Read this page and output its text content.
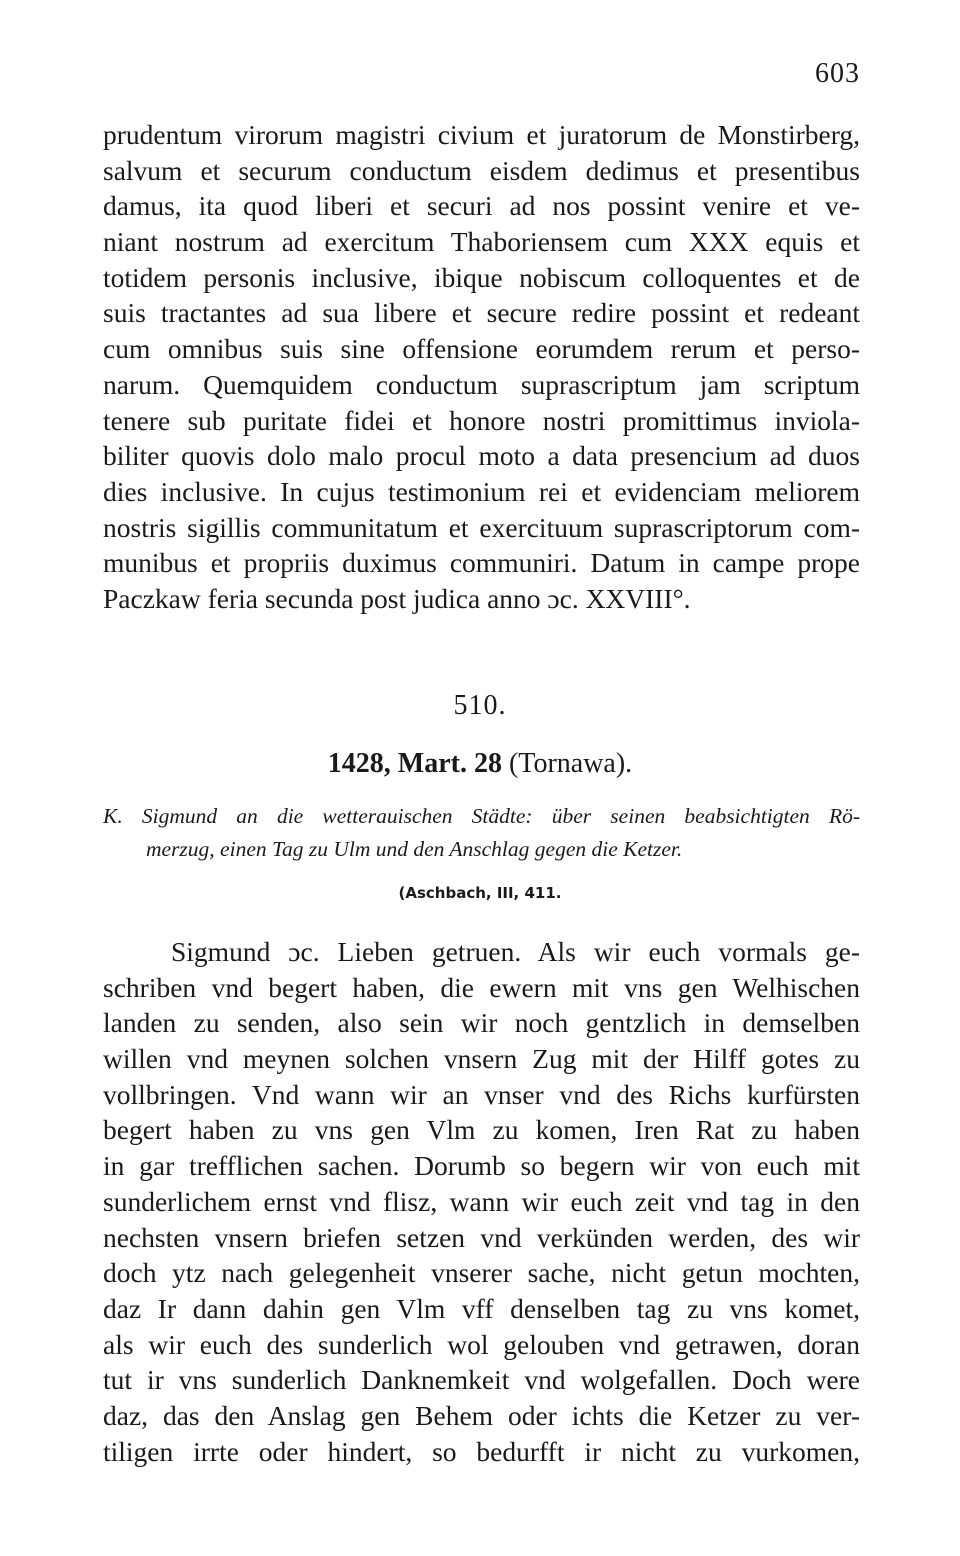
603
prudentum virorum magistri civium et juratorum de Monstirberg,
salvum et securum conductum eisdem dedimus et presentibus
damus, ita quod liberi et securi ad nos possint venire et ve-
niant nostrum ad exercitum Thaboriensem cum XXX equis et
totidem personis inclusive, ibique nobiscum colloquentes et de
suis tractantes ad sua libere et secure redire possint et redeant
cum omnibus suis sine offensione eorumdem rerum et perso-
narum. Quemquidem conductum suprascriptum jam scriptum
tenere sub puritate fidei et honore nostri promittimus inviola-
biliter quovis dolo malo procul moto a data presencium ad duos
dies inclusive. In cujus testimonium rei et evidenciam meliorem
nostris sigillis communitatum et exercituum suprascriptorum com-
munibus et propriis duximus communiri. Datum in campe prope
Paczkaw feria secunda post judica anno ɔc. XXVIII°.
510.
1428, Mart. 28 (Tornawa).
K. Sigmund an die wetterauischen Städte: über seinen beabsichtigten Rö-
merzug, einen Tag zu Ulm und den Anschlag gegen die Ketzer.
(Aschbach, III, 411.
Sigmund ɔc. Lieben getruen. Als wir euch vormals ge-
schriben vnd begert haben, die ewern mit vns gen Welhischen
landen zu senden, also sein wir noch gentzlich in demselben
willen vnd meynen solchen vnsern Zug mit der Hilff gotes zu
vollbringen. Vnd wann wir an vnser vnd des Richs kurfürsten
begert haben zu vns gen Vlm zu komen, Iren Rat zu haben
in gar trefflichen sachen. Dorumb so begern wir von euch mit
sunderlichem ernst vnd flisz, wann wir euch zeit vnd tag in den
nechsten vnsern briefen setzen vnd verkünden werden, des wir
doch ytz nach gelegenheit vnserer sache, nicht getun mochten,
daz Ir dann dahin gen Vlm vff denselben tag zu vns komet,
als wir euch des sunderlich wol gelouben vnd getrawen, doran
tut ir vns sunderlich Danknemkeit vnd wolgefallen. Doch were
daz, das den Anslag gen Behem oder ichts die Ketzer zu ver-
tiligen irrte oder hindert, so bedurfft ir nicht zu vurkomen,
